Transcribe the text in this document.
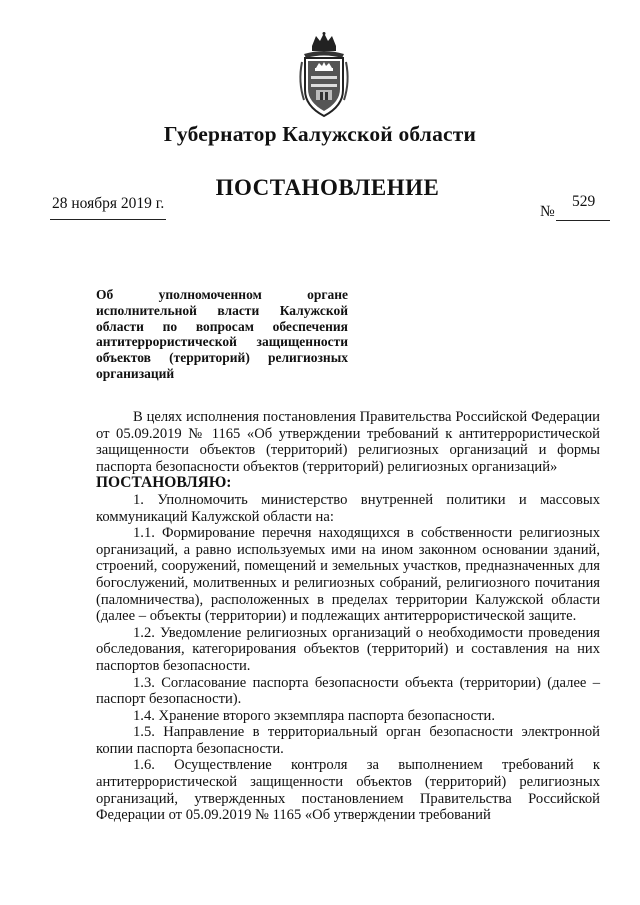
Губернатор Калужской области
ПОСТАНОВЛЕНИЕ
28 ноября 2019 г.	№
529
Об уполномоченном органе исполнительной власти Калужской области по вопросам обеспечения антитеррористической защищенности объектов (территорий) религиозных организаций

В целях исполнения постановления Правительства Российской Федерации от 05.09.2019 № 1165 «Об утверждении требований к антитеррористической защищенности объектов (территорий) религиозных организаций и формы паспорта безопасности объектов (территорий) религиозных организаций»

ПОСТАНОВЛЯЮ:

1. Уполномочить министерство внутренней политики и массовых коммуникаций Калужской области на:

1.1. Формирование перечня находящихся в собственности религиозных организаций, а равно используемых ими на ином законном основании зданий, строений, сооружений, помещений и земельных участков, предназначенных для богослужений, молитвенных и религиозных собраний, религиозного почитания (паломничества), расположенных в пределах территории Калужской области (далее – объекты (территории) и подлежащих антитеррористической защите.

1.2. Уведомление религиозных организаций о необходимости проведения обследования, категорирования объектов (территорий) и составления на них паспортов безопасности.

1.3. Согласование паспорта безопасности объекта (территории) (далее – паспорт безопасности).

1.4. Хранение второго экземпляра паспорта безопасности.

1.5. Направление в территориальный орган безопасности электронной копии паспорта безопасности.

1.6. Осуществление контроля за выполнением требований к антитеррористической защищенности объектов (территорий) религиозных организаций, утвержденных постановлением Правительства Российской Федерации от 05.09.2019 № 1165 «Об утверждении требований
